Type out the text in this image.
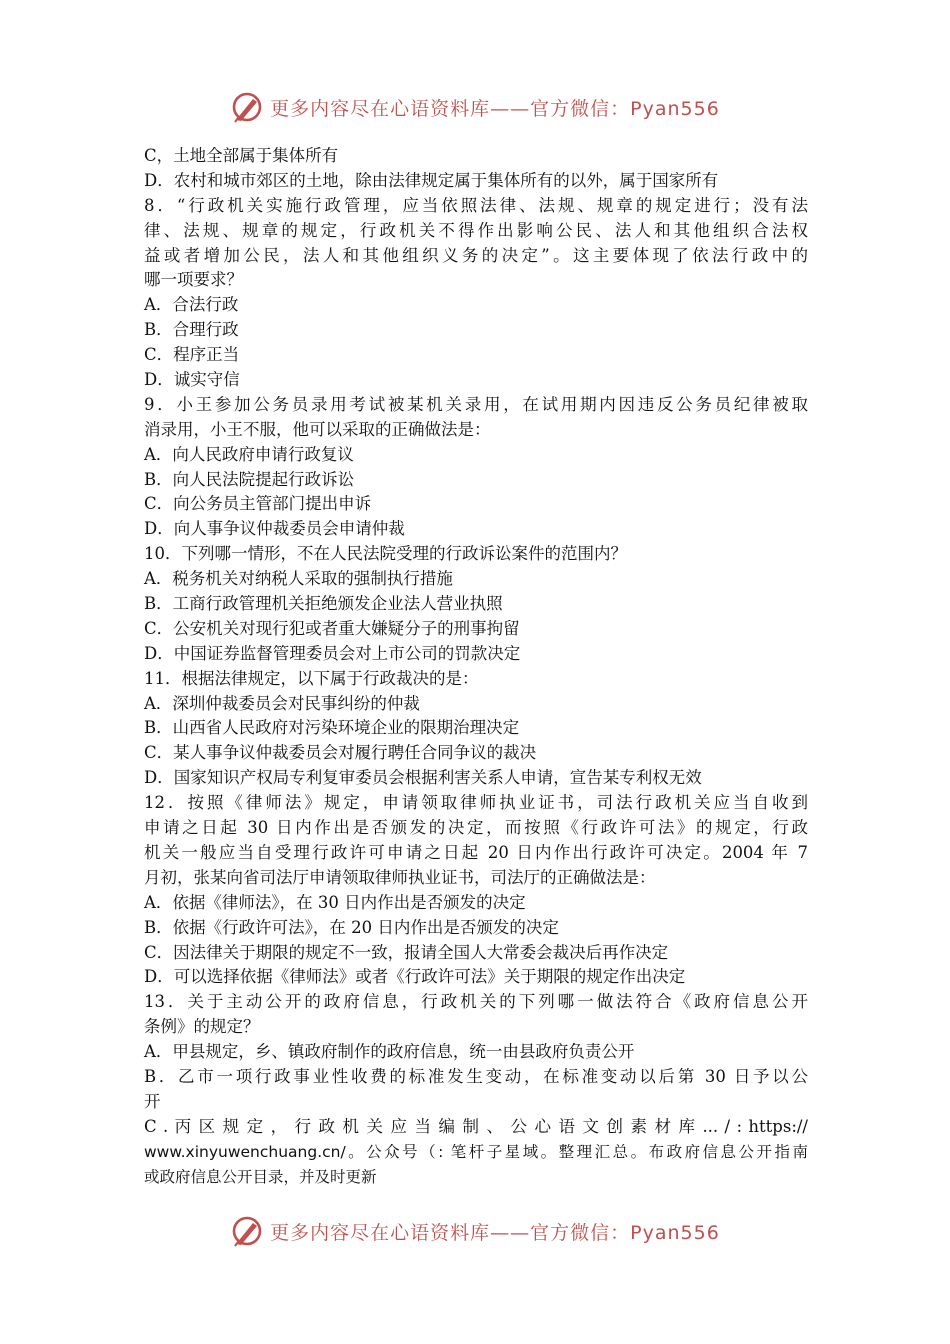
更多内容尽在心语资料库——官方微信：Pyan556
C，土地全部属于集体所有
D．农村和城市郊区的土地，除由法律规定属于集体所有的以外，属于国家所有
8．“行政机关实施行政管理，应当依照法律、法规、规章的规定进行；没有法
律、法规、规章的规定，行政机关不得作出影响公民、法人和其他组织合法权
益或者增加公民，法人和其他组织义务的决定”。这主要体现了依法行政中的
哪一项要求？
A．合法行政
B．合理行政
C．程序正当
D．诚实守信
9．小王参加公务员录用考试被某机关录用，在试用期内因违反公务员纪律被取
消录用，小王不服，他可以采取的正确做法是：
A．向人民政府申请行政复议
B．向人民法院提起行政诉讼
C．向公务员主管部门提出申诉
D．向人事争议仲裁委员会申请仲裁
10．下列哪一情形，不在人民法院受理的行政诉讼案件的范围内？
A．税务机关对纳税人采取的强制执行措施
B．工商行政管理机关拒绝颁发企业法人营业执照
C．公安机关对现行犯或者重大嫌疑分子的刑事拘留
D．中国证券监督管理委员会对上市公司的罚款决定
11．根据法律规定，以下属于行政裁决的是：
A．深圳仲裁委员会对民事纠纷的仲裁
B．山西省人民政府对污染环境企业的限期治理决定
C．某人事争议仲裁委员会对履行聘任合同争议的裁决
D．国家知识产权局专利复审委员会根据利害关系人申请，宣告某专利权无效
12．按照《律师法》规定，申请领取律师执业证书，司法行政机关应当自收到
申请之日起 30 日内作出是否颁发的决定，而按照《行政许可法》的规定，行政
机关一般应当自受理行政许可申请之日起 20 日内作出行政许可决定。2004 年 7
月初，张某向省司法厅申请领取律师执业证书，司法厅的正确做法是：
A．依据《律师法》，在 30 日内作出是否颁发的决定
B．依据《行政许可法》，在 20 日内作出是否颁发的决定
C．因法律关于期限的规定不一致，报请全国人大常委会裁决后再作决定
D．可以选择依据《律师法》或者《行政许可法》关于期限的规定作出决定
13．关于主动公开的政府信息，行政机关的下列哪一做法符合《政府信息公开
条例》的规定？
A．甲县规定，乡、镇政府制作的政府信息，统一由县政府负责公开
B．乙市一项行政事业性收费的标准发生变动，在标准变动以后第 30 日予以公
开
C . 丙 区 规 定 ， 行 政 机 关 应 当 编 制 、 公 心 语 文 创 素 材 库 ... / : https://
www.xinyuwenchuang.cn/。公众号（: 笔杆子星域。整理汇总。布政府信息公开指南
或政府信息公开目录，并及时更新
更多内容尽在心语资料库——官方微信：Pyan556
